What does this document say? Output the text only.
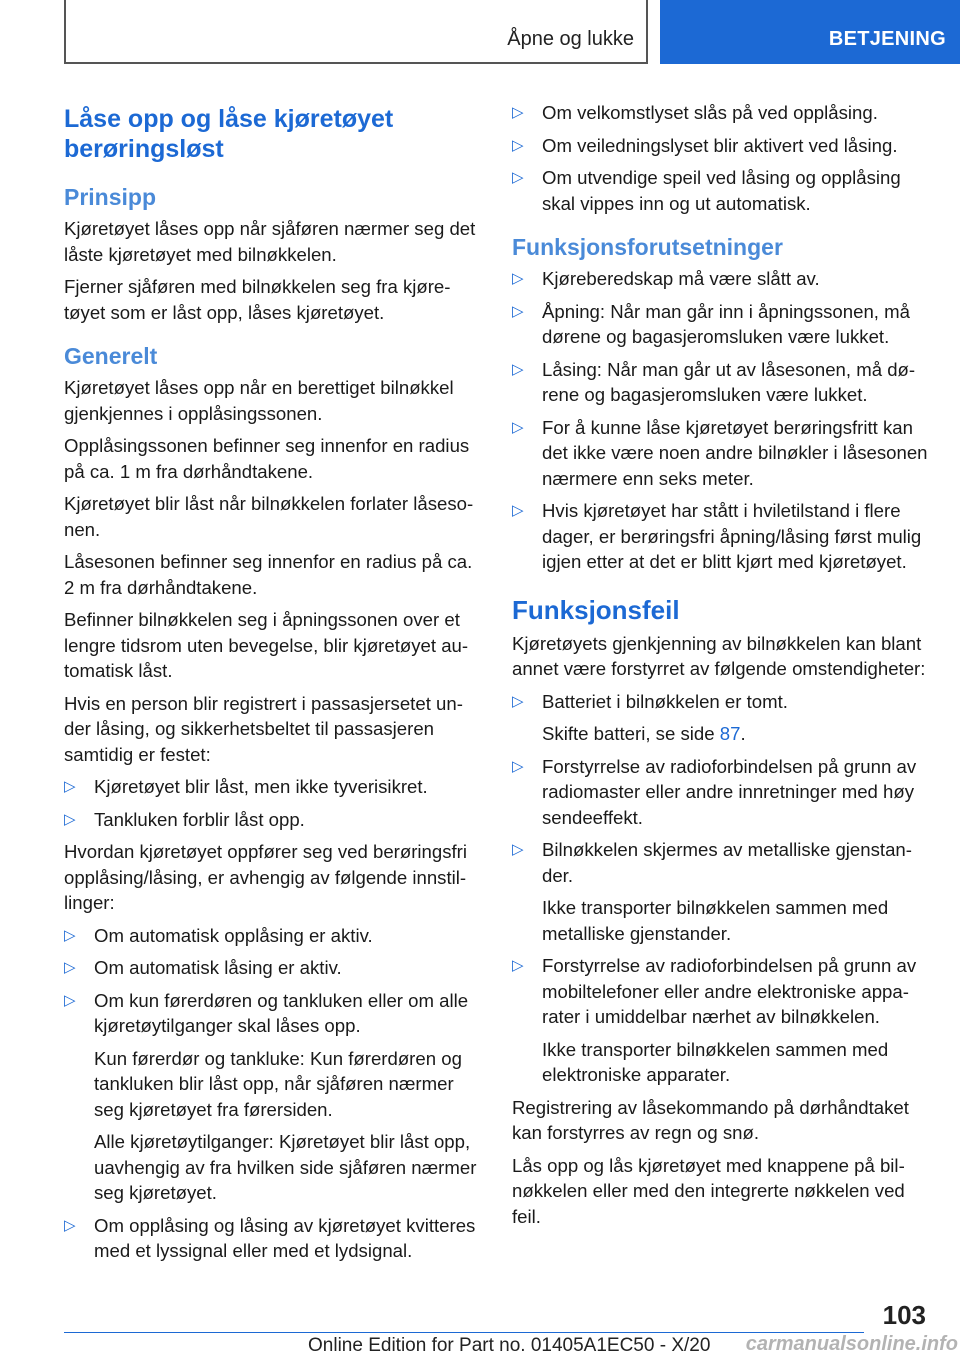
Åpne og lukke	BETJENING
Låse opp og låse kjøretøyet berøringsløst
Prinsipp

Kjøretøyet låses opp når sjåføren nærmer seg det låste kjøretøyet med bilnøkkelen.

Fjerner sjåføren med bilnøkkelen seg fra kjøretøyet som er låst opp, låses kjøretøyet.

Generelt

Kjøretøyet låses opp når en berettiget bilnøkkel gjenkjennes i opplåsingssonen.

Opplåsingssonen befinner seg innenfor en radius på ca. 1 m fra dørhåndtakene.

Kjøretøyet blir låst når bilnøkkelen forlater låsesonen.

Låsesonen befinner seg innenfor en radius på ca. 2 m fra dørhåndtakene.

Befinner bilnøkkelen seg i åpningssonen over et lengre tidsrom uten bevegelse, blir kjøretøyet automatisk låst.

Hvis en person blir registrert i passasjersetet under låsing, og sikkerhetsbeltet til passasjeren samtidig er festet:

▷ Kjøretøyet blir låst, men ikke tyverisikret.
▷ Tankluken forblir låst opp.

Hvordan kjøretøyet oppfører seg ved berøringsfri opplåsing/låsing, er avhengig av følgende innstillinger:

▷ Om automatisk opplåsing er aktiv.
▷ Om automatisk låsing er aktiv.
▷ Om kun førerdøren og tankluken eller om alle kjøretøytilganger skal låses opp.

Kun førerdør og tankluke: Kun førerdøren og tankluken blir låst opp, når sjåføren nærmer seg kjøretøyet fra førersiden.

Alle kjøretøytilganger: Kjøretøyet blir låst opp, uavhengig av fra hvilken side sjåføren nærmer seg kjøretøyet.

▷ Om opplåsing og låsing av kjøretøyet kvitteres med et lyssignal eller med et lydsignal.
▷ Om velkomstlyset slås på ved opplåsing.
▷ Om veiledningslyset blir aktivert ved låsing.
▷ Om utvendige speil ved låsing og opplåsing skal vippes inn og ut automatisk.
Funksjonsforutsetninger
▷ Kjørеberedskap må være slått av.
▷ Åpning: Når man går inn i åpningssonen, må dørene og bagasjeromsluken være lukket.
▷ Låsing: Når man går ut av låsesonen, må dørene og bagasjeromsluken være lukket.
▷ For å kunne låse kjøretøyet berøringsfritt kan det ikke være noen andre bilnøkler i låsesonen nærmere enn seks meter.
▷ Hvis kjøretøyet har stått i hviletilstand i flere dager, er berøringsfri åpning/låsing først mulig igjen etter at det er blitt kjørt med kjøretøyet.
Funksjonsfeil

Kjøretøyets gjenkjenning av bilnøkkelen kan blant annet være forstyrret av følgende omstendigheter:

▷ Batteriet i bilnøkkelen er tomt.

Skifte batteri, se side 87.

▷ Forstyrrelse av radioforbindelsen på grunn av radiomaster eller andre innretninger med høy sendeeffekt.
▷ Bilnøkkelen skjermes av metalliske gjenstander.

Ikke transporter bilnøkkelen sammen med metalliske gjenstander.

▷ Forstyrrelse av radioforbindelsen på grunn av mobiltelefoner eller andre elektroniske apparater i umiddelbar nærhet av bilnøkkelen.

Ikke transporter bilnøkkelen sammen med elektroniske apparater.

Registrering av låsekommando på dørhåndtaket kan forstyrres av regn og snø.

Lås opp og lås kjøretøyet med knappene på bilnøkkelen eller med den integrerte nøkkelen ved feil.

103
Online Edition for Part no. 01405A1EC50 - X/20 carmanualsonline.info
